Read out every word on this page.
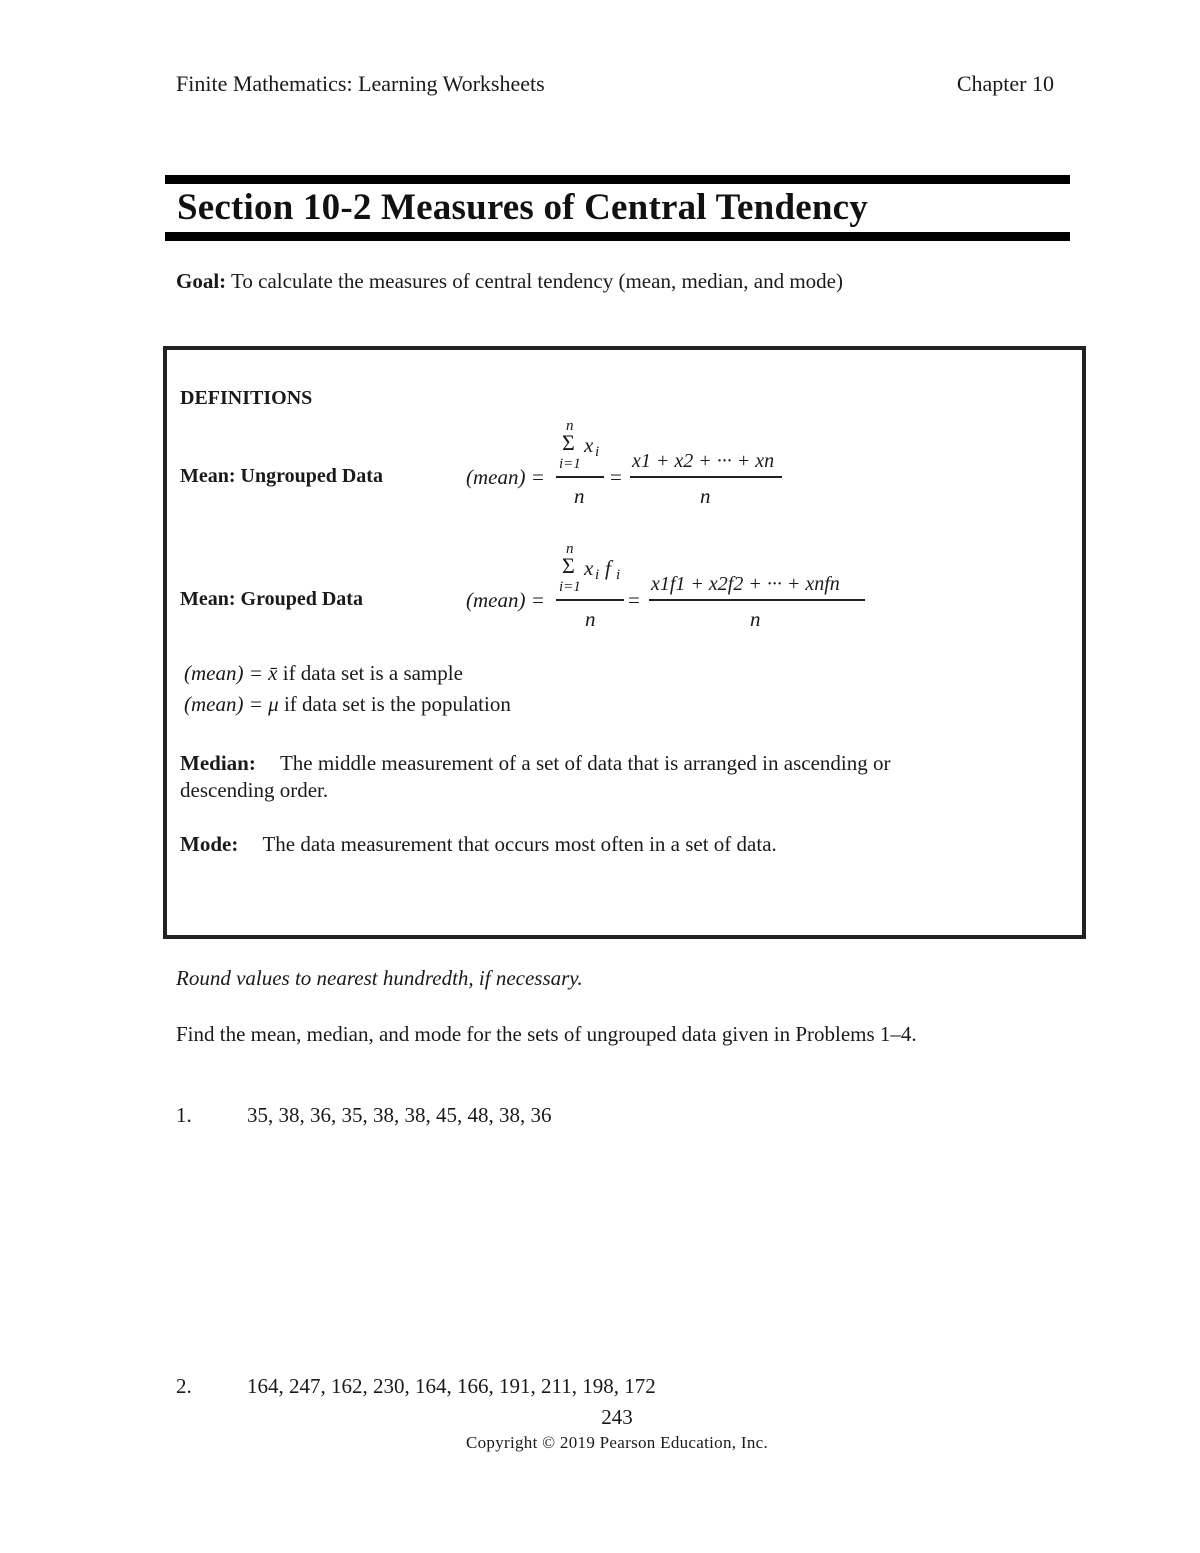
Finite Mathematics: Learning Worksheets	Chapter 10
Section 10-2 Measures of Central Tendency
Goal: To calculate the measures of central tendency (mean, median, and mode)
DEFINITIONS
Mean: Ungrouped Data	(mean) =
n
Σ x i
i=1
n
=
x1 + x2 + ··· + xn
n
Mean: Grouped Data	(mean) =
n
Σ x i f i
i=1
n
=
x1f1 + x2f2 + ··· + xnfn
n
(mean) = x̄ if data set is a sample
(mean) = μ if data set is the population
Median: The middle measurement of a set of data that is arranged in ascending or
descending order.
Mode: The data measurement that occurs most often in a set of data.
Round values to nearest hundredth, if necessary.
Find the mean, median, and mode for the sets of ungrouped data given in Problems 1–4.
1.	35, 38, 36, 35, 38, 38, 45, 48, 38, 36
2.	164, 247, 162, 230, 164, 166, 191, 211, 198, 172
243
Copyright © 2019 Pearson Education, Inc.
